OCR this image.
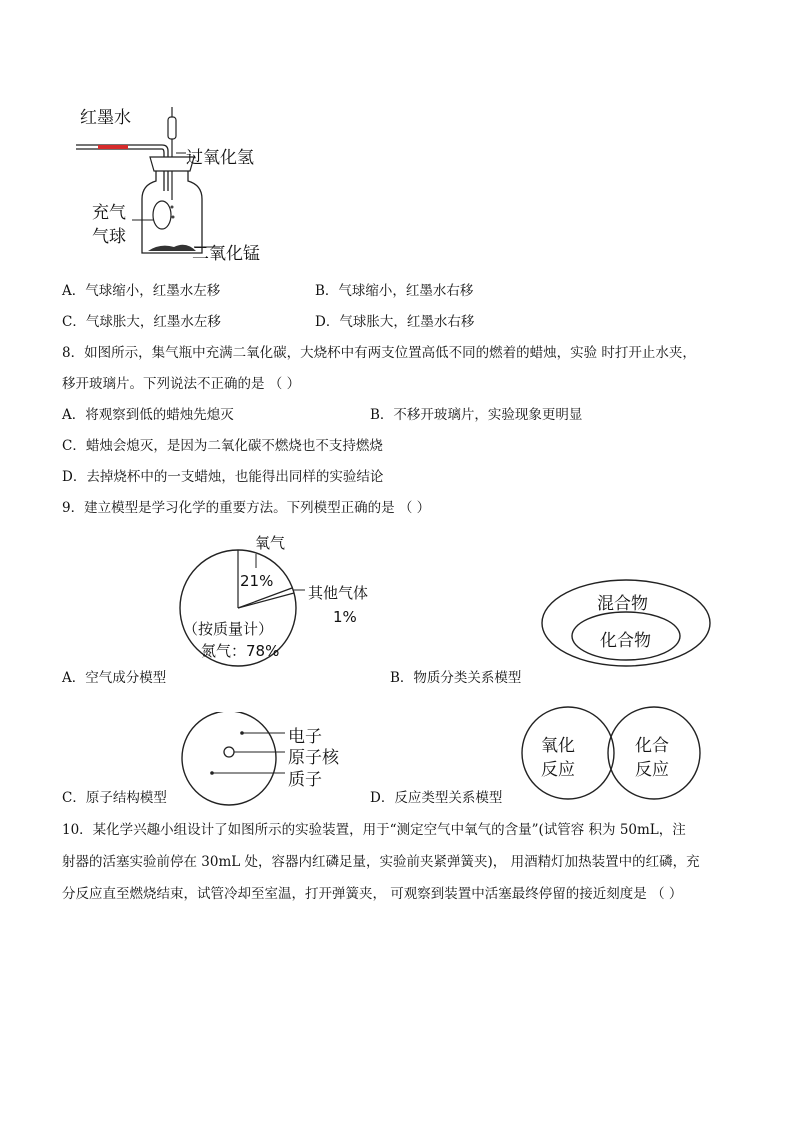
红墨水
过氧化氢
充气
气球
二氧化锰
A．气球缩小，红墨水左移	B．气球缩小，红墨水右移
C．气球胀大，红墨水左移	D．气球胀大，红墨水右移
8．如图所示，集气瓶中充满二氧化碳，大烧杯中有两支位置高低不同的燃着的蜡烛，实验 时打开止水夹，
移开玻璃片。下列说法不正确的是 （ ）
A．将观察到低的蜡烛先熄灭	B．不移开玻璃片，实验现象更明显
C．蜡烛会熄灭，是因为二氧化碳不燃烧也不支持燃烧
D．去掉烧杯中的一支蜡烛，也能得出同样的实验结论
9．建立模型是学习化学的重要方法。下列模型正确的是 （ ）
氧气
21%
其他气体
1%
（按质量计）
氮气：78%
A．空气成分模型
混合物
化合物
B．物质分类关系模型
电子
原子核
质子
C．原子结构模型
氧化
反应
化合
反应
D．反应类型关系模型
10．某化学兴趣小组设计了如图所示的实验装置，用于“测定空气中氧气的含量”(试管容 积为 50mL，注
射器的活塞实验前停在 30mL 处，容器内红磷足量，实验前夹紧弹簧夹)， 用酒精灯加热装置中的红磷，充
分反应直至燃烧结束，试管冷却至室温，打开弹簧夹， 可观察到装置中活塞最终停留的接近刻度是 （ ）
